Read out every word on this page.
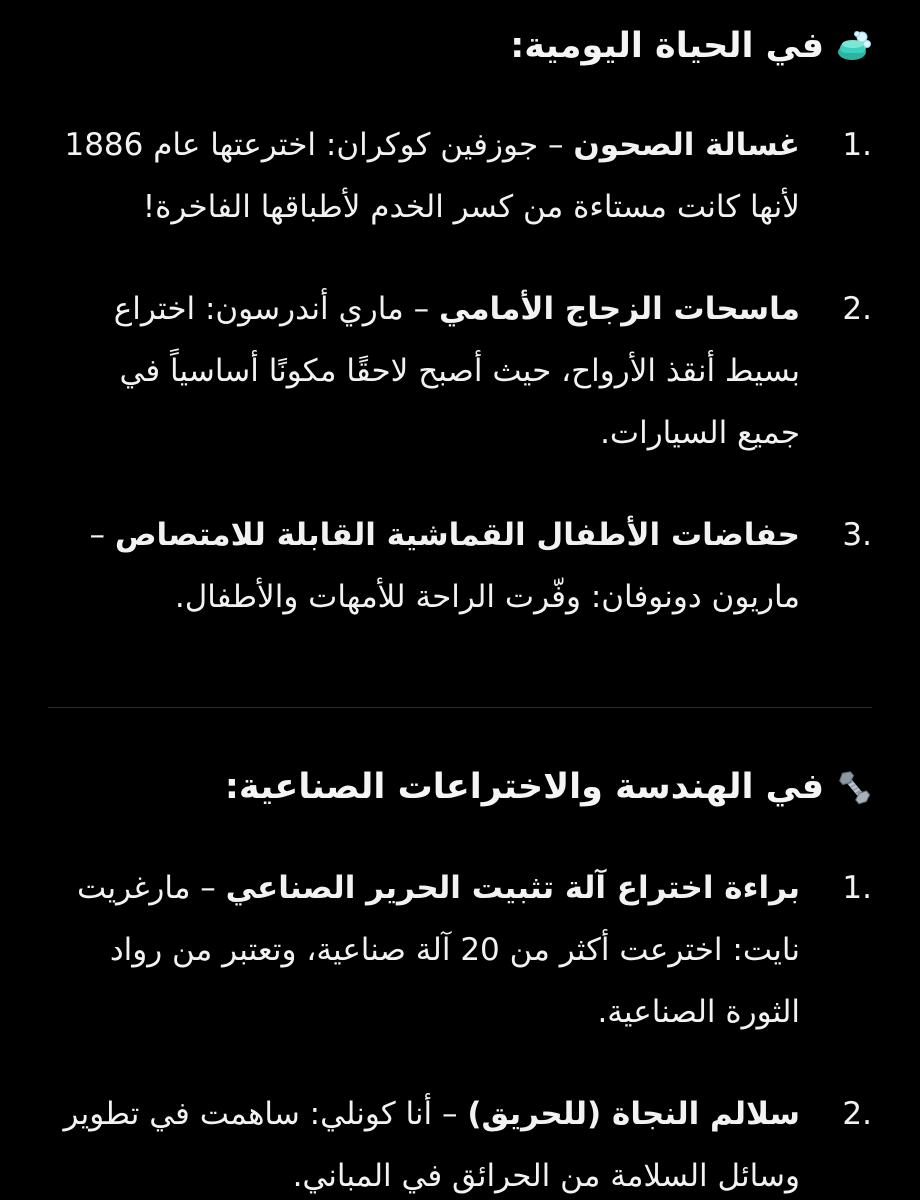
في الحياة اليومية:
1.
غسالة الصحون – جوزفين كوكران: اخترعتها عام 1886 لأنها كانت مستاءة من كسر الخدم لأطباقها الفاخرة!
2.
ماسحات الزجاج الأمامي – ماري أندرسون: اختراع بسيط أنقذ الأرواح، حيث أصبح لاحقًا مكونًا أساسياً في جميع السيارات.
3.
حفاضات الأطفال القماشية القابلة للامتصاص – ماريون دونوفان: وفّرت الراحة للأمهات والأطفال.
في الهندسة والاختراعات الصناعية:
1.
براءة اختراع آلة تثبيت الحرير الصناعي – مارغريت نايت: اخترعت أكثر من 20 آلة صناعية، وتعتبر من رواد الثورة الصناعية.
2.
سلالم النجاة (للحريق) – أنا كونلي: ساهمت في تطوير وسائل السلامة من الحرائق في المباني.
